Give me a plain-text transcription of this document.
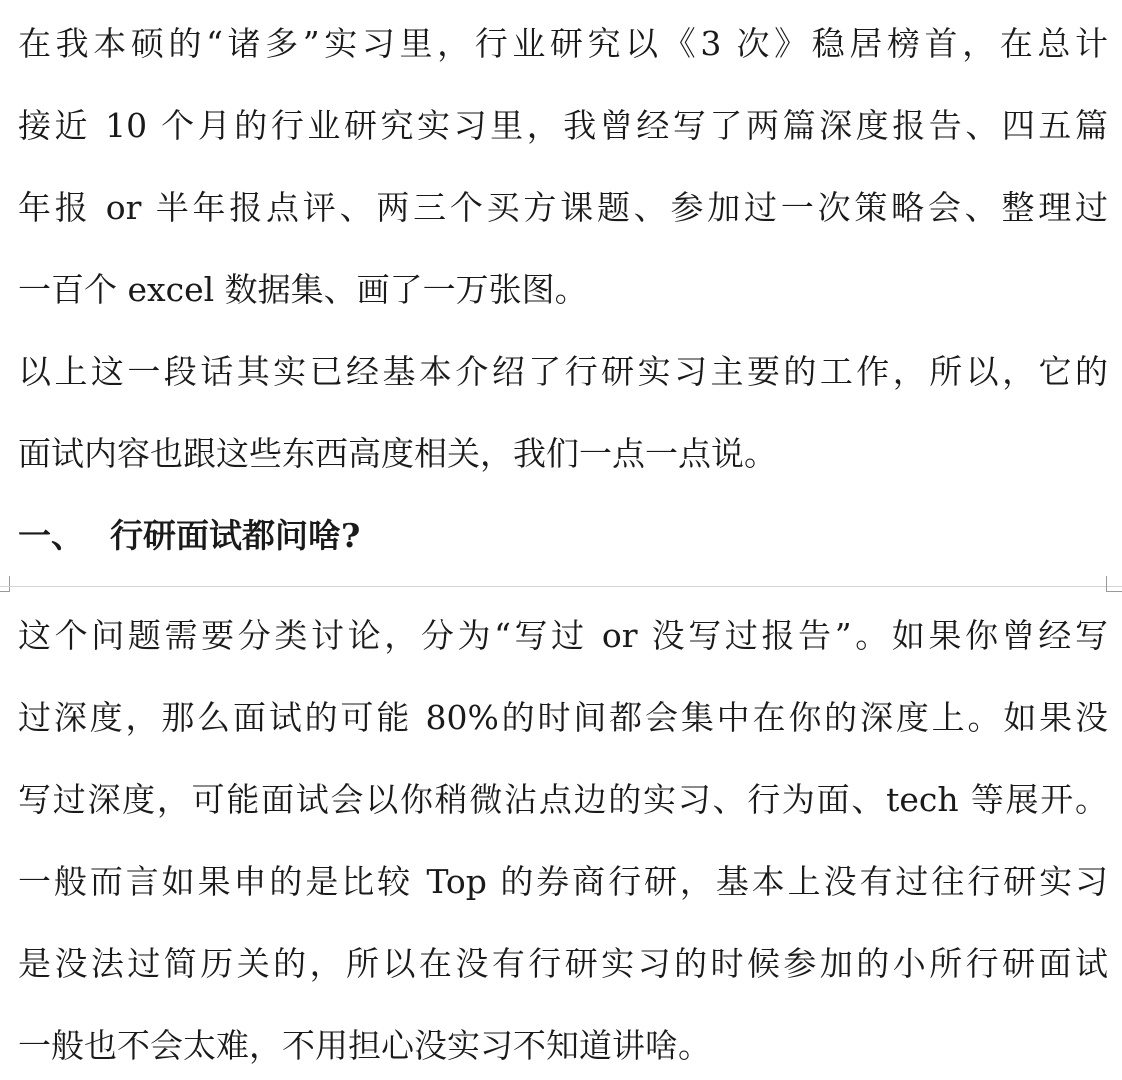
在我本硕的“诸多”实习里，行业研究以《3 次》稳居榜首，在总计
接近 10 个月的行业研究实习里，我曾经写了两篇深度报告、四五篇
年报 or 半年报点评、两三个买方课题、参加过一次策略会、整理过
一百个 excel 数据集、画了一万张图。
以上这一段话其实已经基本介绍了行研实习主要的工作，所以，它的
面试内容也跟这些东西高度相关，我们一点一点说。
一、 行研面试都问啥?
这个问题需要分类讨论，分为“写过 or 没写过报告”。如果你曾经写
过深度，那么面试的可能 80%的时间都会集中在你的深度上。如果没
写过深度，可能面试会以你稍微沾点边的实习、行为面、tech 等展开。
一般而言如果申的是比较 Top 的券商行研，基本上没有过往行研实习
是没法过简历关的，所以在没有行研实习的时候参加的小所行研面试
一般也不会太难，不用担心没实习不知道讲啥。
